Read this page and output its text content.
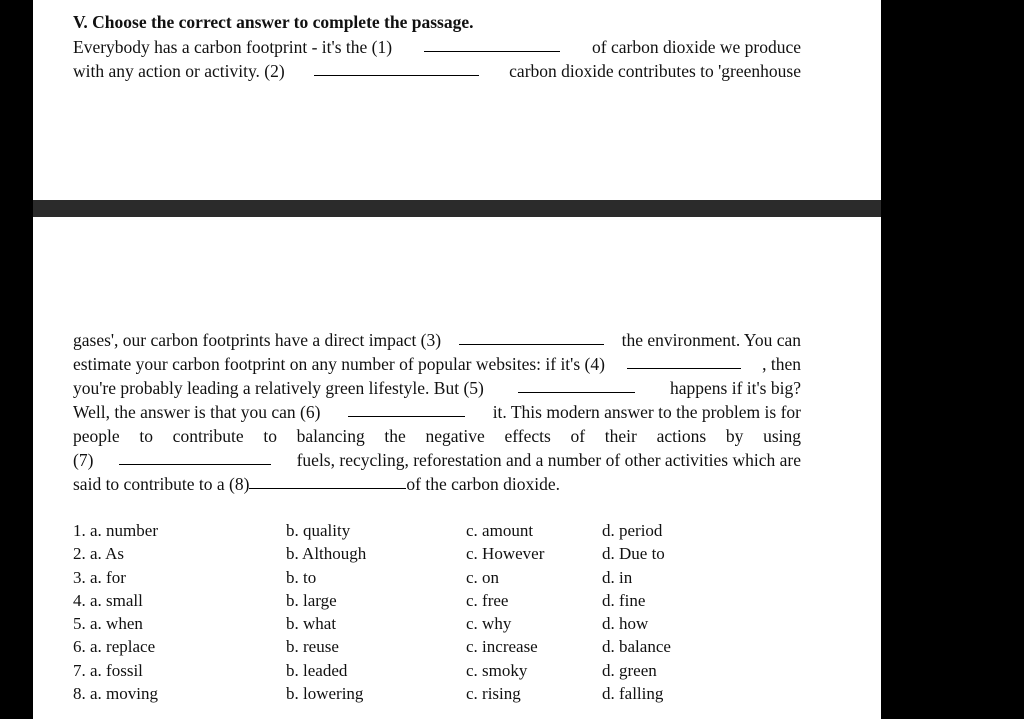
V. Choose the correct answer to complete the passage.
Everybody has a carbon footprint - it's the (1)	of carbon dioxide we produce
with any action or activity. (2)	carbon dioxide contributes to 'greenhouse
gases', our carbon footprints have a direct impact (3)	the environment. You can
estimate your carbon footprint on any number of popular websites: if it's (4)	, then
you're probably leading a relatively green lifestyle. But (5)	happens if it's big?
Well, the answer is that you can (6)	it. This modern answer to the problem is for
people to contribute to balancing the negative effects of their actions by using
(7)	fuels, recycling, reforestation and a number of other activities which are
said to contribute to a (8)	of the carbon dioxide.
1. a. number	b. quality	c. amount	d. period
2. a. As	b. Although	c. However	d. Due to
3. a. for	b. to	c. on	d. in
4. a. small	b. large	c. free	d. fine
5. a. when	b. what	c. why	d. how
6. a. replace	b. reuse	c. increase	d. balance
7. a. fossil	b. leaded	c. smoky	d. green
8. a. moving	b. lowering	c. rising	d. falling
